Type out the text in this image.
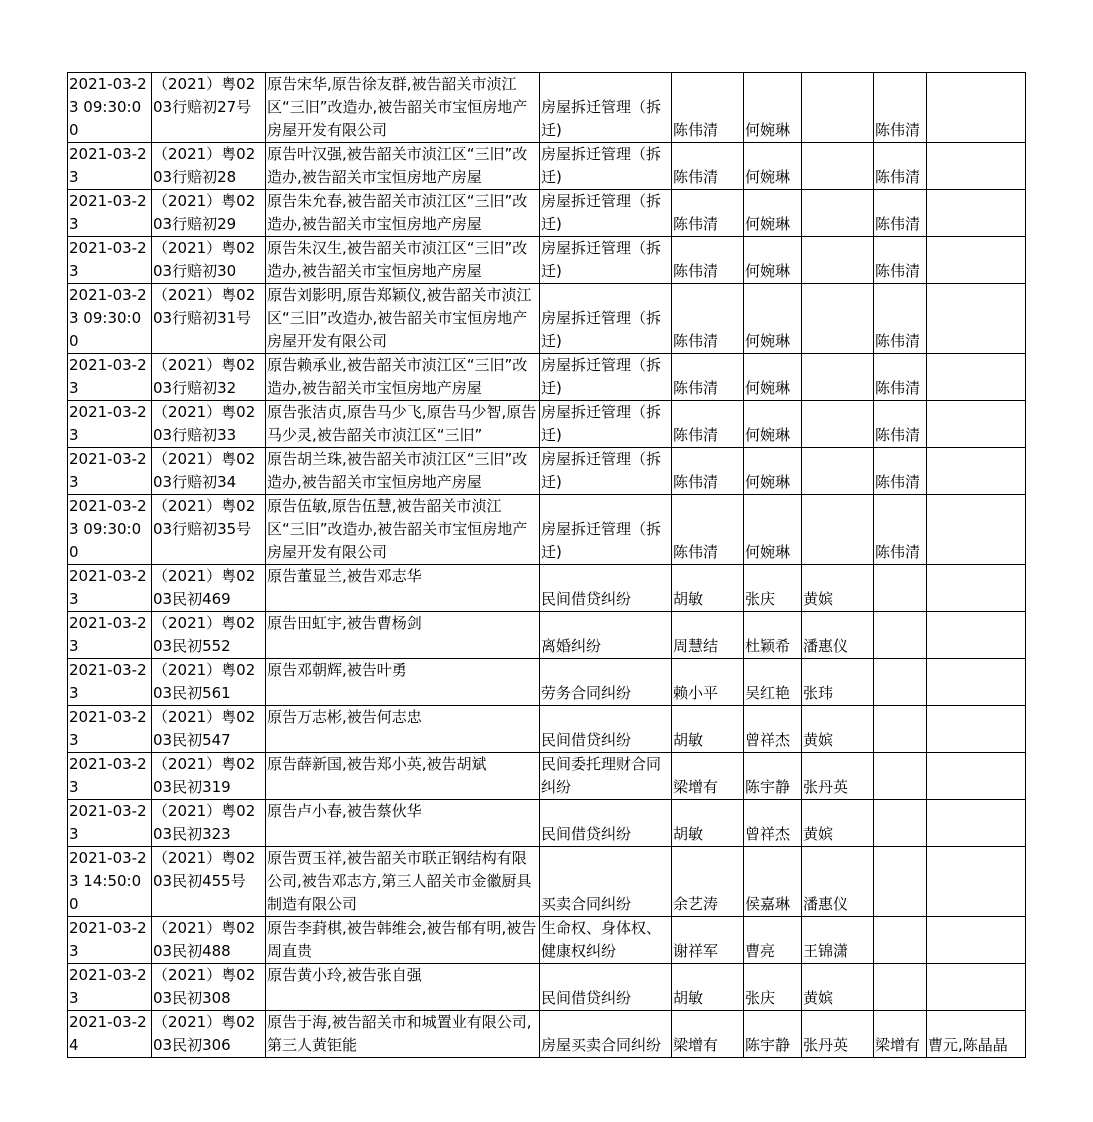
2021-03-23 09:30:00	（2021）粤0203行赔初27号	原告宋华,原告徐友群,被告韶关市浈江区“三旧”改造办,被告韶关市宝恒房地产房屋开发有限公司	房屋拆迁管理（拆迁)	陈伟清	何婉琳		陈伟清	

2021-03-23	（2021）粤0203行赔初28	原告叶汉强,被告韶关市浈江区“三旧”改造办,被告韶关市宝恒房地产房屋	房屋拆迁管理（拆迁)	陈伟清	何婉琳		陈伟清	

2021-03-23	（2021）粤0203行赔初29	原告朱允春,被告韶关市浈江区“三旧”改造办,被告韶关市宝恒房地产房屋	房屋拆迁管理（拆迁)	陈伟清	何婉琳		陈伟清	

2021-03-23	（2021）粤0203行赔初30	原告朱汉生,被告韶关市浈江区“三旧”改造办,被告韶关市宝恒房地产房屋	房屋拆迁管理（拆迁)	陈伟清	何婉琳		陈伟清	

2021-03-23 09:30:00	（2021）粤0203行赔初31号	原告刘影明,原告郑颖仪,被告韶关市浈江区“三旧”改造办,被告韶关市宝恒房地产房屋开发有限公司	房屋拆迁管理（拆迁)	陈伟清	何婉琳		陈伟清	

2021-03-23	（2021）粤0203行赔初32	原告赖承业,被告韶关市浈江区“三旧”改造办,被告韶关市宝恒房地产房屋	房屋拆迁管理（拆迁)	陈伟清	何婉琳		陈伟清	

2021-03-23	（2021）粤0203行赔初33	原告张洁贞,原告马少飞,原告马少智,原告马少灵,被告韶关市浈江区“三旧”	房屋拆迁管理（拆迁)	陈伟清	何婉琳		陈伟清	

2021-03-23	（2021）粤0203行赔初34	原告胡兰珠,被告韶关市浈江区“三旧”改造办,被告韶关市宝恒房地产房屋	房屋拆迁管理（拆迁)	陈伟清	何婉琳		陈伟清	

2021-03-23 09:30:00	（2021）粤0203行赔初35号	原告伍敏,原告伍慧,被告韶关市浈江区“三旧”改造办,被告韶关市宝恒房地产房屋开发有限公司	房屋拆迁管理（拆迁)	陈伟清	何婉琳		陈伟清	

2021-03-23	（2021）粤0203民初469	原告董显兰,被告邓志华	民间借贷纠纷	胡敏	张庆	黄嫔		

2021-03-23	（2021）粤0203民初552	原告田虹宇,被告曹杨剑	离婚纠纷	周慧结	杜颖希	潘惠仪		

2021-03-23	（2021）粤0203民初561	原告邓朝辉,被告叶勇	劳务合同纠纷	赖小平	吴红艳	张玮		

2021-03-23	（2021）粤0203民初547	原告万志彬,被告何志忠	民间借贷纠纷	胡敏	曾祥杰	黄嫔		

2021-03-23	（2021）粤0203民初319	原告薛新国,被告郑小英,被告胡斌	民间委托理财合同纠纷	梁增有	陈宇静	张丹英		

2021-03-23	（2021）粤0203民初323	原告卢小春,被告蔡伙华	民间借贷纠纷	胡敏	曾祥杰	黄嫔		

2021-03-23 14:50:00	（2021）粤0203民初455号	原告贾玉祥,被告韶关市联正钢结构有限公司,被告邓志方,第三人韶关市金徽厨具制造有限公司	买卖合同纠纷	余艺涛	侯嘉琳	潘惠仪		

2021-03-23	（2021）粤0203民初488	原告李葑棋,被告韩维会,被告郁有明,被告周直贵	生命权、身体权、健康权纠纷	谢祥军	曹亮	王锦潇		

2021-03-23	（2021）粤0203民初308	原告黄小玲,被告张自强	民间借贷纠纷	胡敏	张庆	黄嫔		

2021-03-24	（2021）粤0203民初306	原告于海,被告韶关市和城置业有限公司,第三人黄钜能	房屋买卖合同纠纷	梁增有	陈宇静	张丹英	梁增有	曹元,陈晶晶
